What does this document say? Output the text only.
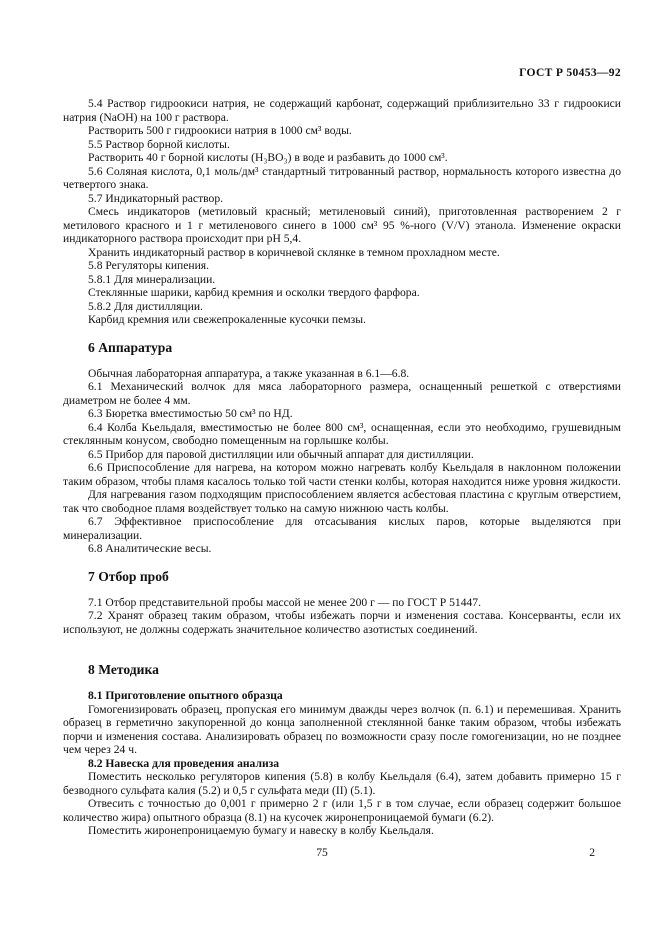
ГОСТ Р 50453—92

5.4 Раствор гидроокиси натрия, не содержащий карбонат, содержащий приблизительно 33 г гидроокиси натрия (NaOH) на 100 г раствора.

Растворить 500 г гидроокиси натрия в 1000 см³ воды.

5.5 Раствор борной кислоты.

Растворить 40 г борной кислоты (H₃BO₃) в воде и разбавить до 1000 см³.

5.6 Соляная кислота, 0,1 моль/дм³ стандартный титрованный раствор, нормальность которого известна до четвертого знака.

5.7 Индикаторный раствор.

Смесь индикаторов (метиловый красный; метиленовый синий), приготовленная растворением 2 г метилового красного и 1 г метиленового синего в 1000 см³ 95 %-ного (V/V) этанола. Изменение окраски индикаторного раствора происходит при pH 5,4.

Хранить индикаторный раствор в коричневой склянке в темном прохладном месте.

5.8 Регуляторы кипения.

5.8.1 Для минерализации.

Стеклянные шарики, карбид кремния и осколки твердого фарфора.

5.8.2 Для дистилляции.

Карбид кремния или свежепрокаленные кусочки пемзы.

6 Аппаратура

Обычная лабораторная аппаратура, а также указанная в 6.1—6.8.

6.1 Механический волчок для мяса лабораторного размера, оснащенный решеткой с отверстиями диаметром не более 4 мм.

6.3 Бюретка вместимостью 50 см³ по НД.

6.4 Колба Кьельдаля, вместимостью не более 800 см³, оснащенная, если это необходимо, грушевидным стеклянным конусом, свободно помещенным на горлышке колбы.

6.5 Прибор для паровой дистилляции или обычный аппарат для дистилляции.

6.6 Приспособление для нагрева, на котором можно нагревать колбу Кьельдаля в наклонном положении таким образом, чтобы пламя касалось только той части стенки колбы, которая находится ниже уровня жидкости.

Для нагревания газом подходящим приспособлением является асбестовая пластина с круглым отверстием, так что свободное пламя воздействует только на самую нижнюю часть колбы.

6.7 Эффективное приспособление для отсасывания кислых паров, которые выделяются при минерализации.

6.8 Аналитические весы.

7 Отбор проб

7.1 Отбор представительной пробы массой не менее 200 г — по ГОСТ Р 51447.

7.2 Хранят образец таким образом, чтобы избежать порчи и изменения состава. Консерванты, если их используют, не должны содержать значительное количество азотистых соединений.

8 Методика
8.1 Приготовление опытного образца

Гомогенизировать образец, пропуская его минимум дважды через волчок (п. 6.1) и перемешивая. Хранить образец в герметично закупоренной до конца заполненной стеклянной банке таким образом, чтобы избежать порчи и изменения состава. Анализировать образец по возможности сразу после гомогенизации, но не позднее чем через 24 ч.

8.2 Навеска для проведения анализа

Поместить несколько регуляторов кипения (5.8) в колбу Кьельдаля (6.4), затем добавить примерно 15 г безводного сульфата калия (5.2) и 0,5 г сульфата меди (II) (5.1).

Отвесить с точностью до 0,001 г примерно 2 г (или 1,5 г в том случае, если образец содержит большое количество жира) опытного образца (8.1) на кусочек жиронепроницаемой бумаги (6.2).

Поместить жиронепроницаемую бумагу и навеску в колбу Кьельдаля.

75	2
